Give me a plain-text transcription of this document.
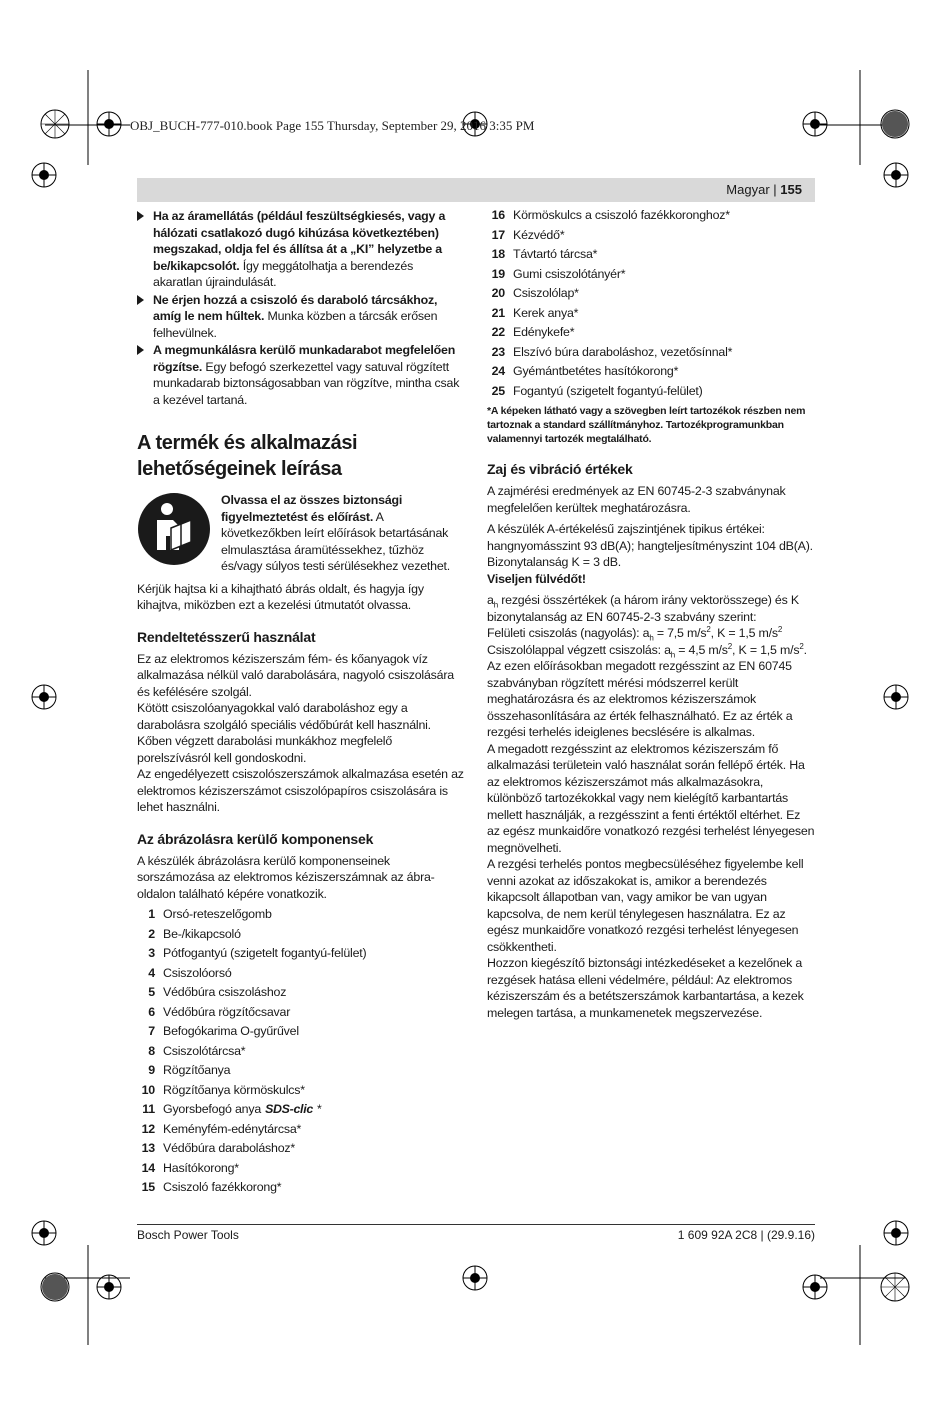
OBJ_BUCH-777-010.book Page 155 Thursday, September 29, 2016 3:35 PM
Magyar | 155
Ha az áramellátás (például feszültségkiesés, vagy a hálózati csatlakozó dugó kihúzása következtében) megszakad, oldja fel és állítsa át a „KI” helyzetbe a be/kikapcsolót. Így meggátolhatja a berendezés akaratlan újraindulását.
Ne érjen hozzá a csiszoló és daraboló tárcsákhoz, amíg le nem hűltek. Munka közben a tárcsák erősen felhevülnek.
A megmunkálásra kerülő munkadarabot megfelelően rögzítse. Egy befogó szerkezettel vagy satuval rögzített munkadarab biztonságosabban van rögzítve, mintha csak a kezével tartaná.
A termék és alkalmazási lehetőségeinek leírása
Olvassa el az összes biztonsági figyelmeztetést és előírást. A következőkben leírt előírások betartásának elmulasztása áramütéssekhez, tűzhöz és/vagy súlyos testi sérülésekhez vezethet.

Kérjük hajtsa ki a kihajtható ábrás oldalt, és hagyja így kihajtva, miközben ezt a kezelési útmutatót olvassa.

Rendeltetésszerű használat

Ez az elektromos kéziszerszám fém- és kőanyagok víz alkalmazása nélkül való darabolására, nagyoló csiszolására és kefélésére szolgál.

Kötött csiszolóanyagokkal való daraboláshoz egy a darabolásra szolgáló speciális védőbúrát kell használni.

Kőben végzett darabolási munkákhoz megfelelő porelszívásról kell gondoskodni.

Az engedélyezett csiszolószerszámok alkalmazása esetén az elektromos kéziszerszámot csiszolópapíros csiszolására is lehet használni.

Az ábrázolásra kerülő komponensek

A készülék ábrázolásra kerülő komponenseinek sorszámozása az elektromos kéziszerszámnak az ábra-oldalon található képére vonatkozik.

1 Orsó-reteszelőgomb
2 Be-/kikapcsoló
3 Pótfogantyú (szigetelt fogantyú-felület)
4 Csiszolóorsó
5 Védőbúra csiszoláshoz
6 Védőbúra rögzítőcsavar
7 Befogókarima O-gyűrűvel
8 Csiszolótárcsa*
9 Rögzítőanya
10 Rögzítőanya körmöskulcs*
11 Gyorsbefogó anya SDS-clic *
12 Keményfém-edénytárcsa*
13 Védőbúra daraboláshoz*
14 Hasítókorong*
15 Csiszoló fazékkorong*
16 Körmöskulcs a csiszoló fazékkoronghoz*
17 Kézvédő*
18 Távtartó tárcsa*
19 Gumi csiszolótányér*
20 Csiszolólap*
21 Kerek anya*
22 Edénykefe*
23 Elszívó búra daraboláshoz, vezetősínnal*
24 Gyémántbetétes hasítókorong*
25 Fogantyú (szigetelt fogantyú-felület)

*A képeken látható vagy a szövegben leírt tartozékok részben nem tartoznak a standard szállítmányhoz. Tartozékprogramunkban valamennyi tartozék megtalálható.

Zaj és vibráció értékek

A zajmérési eredmények az EN 60745-2-3 szabványnak megfelelően kerültek meghatározásra.

A készülék A-értékelésű zajszintjének tipikus értékei: hangnyomásszint 93 dB(A); hangteljesítményszint 104 dB(A). Bizonytalanság K = 3 dB.

Viseljen fülvédőt!

$a_h$ rezgési összértékek (a három irány vektorösszege) és K bizonytalanság az EN 60745-2-3 szabvány szerint:

Felületi csiszolás (nagyolás): $a_h = 7,5$ $m/s^2$, K = 1,5 $m/s^2$

Csiszolólappal végzett csiszolás: $a_h = 4,5$ $m/s^2$, K = 1,5 $m/s^2$.

Az ezen előírásokban megadott rezgésszint az EN 60745 szabványban rögzített mérési módszerrel került meghatározásra és az elektromos kéziszerszámok összehasonlítására az érték felhasználható. Ez az érték a rezgési terhelés ideiglenes becslésére is alkalmas.

A megadott rezgésszint az elektromos kéziszerszám fő alkalmazási területein való használat során fellépő érték. Ha az elektromos kéziszerszámot más alkalmazásokra, különböző tartozékokkal vagy nem kielégítő karbantartás mellett használják, a rezgésszint a fenti értéktől eltérhet. Ez az egész munkaidőre vonatkozó rezgési terhelést lényegesen megnövelheti.

A rezgési terhelés pontos megbecsüléséhez figyelembe kell venni azokat az időszakokat is, amikor a berendezés kikapcsolt állapotban van, vagy amikor be van ugyan kapcsolva, de nem kerül ténylegesen használatra. Ez az egész munkaidőre vonatkozó rezgési terhelést lényegesen csökkentheti.

Hozzon kiegészítő biztonsági intézkedéseket a kezelőnek a rezgések hatása elleni védelmére, például: Az elektromos kéziszerszám és a betétszerszámok karbantartása, a kezek melegen tartása, a munkamenetek megszervezése.

Bosch Power Tools	1 609 92A 2C8 | (29.9.16)
